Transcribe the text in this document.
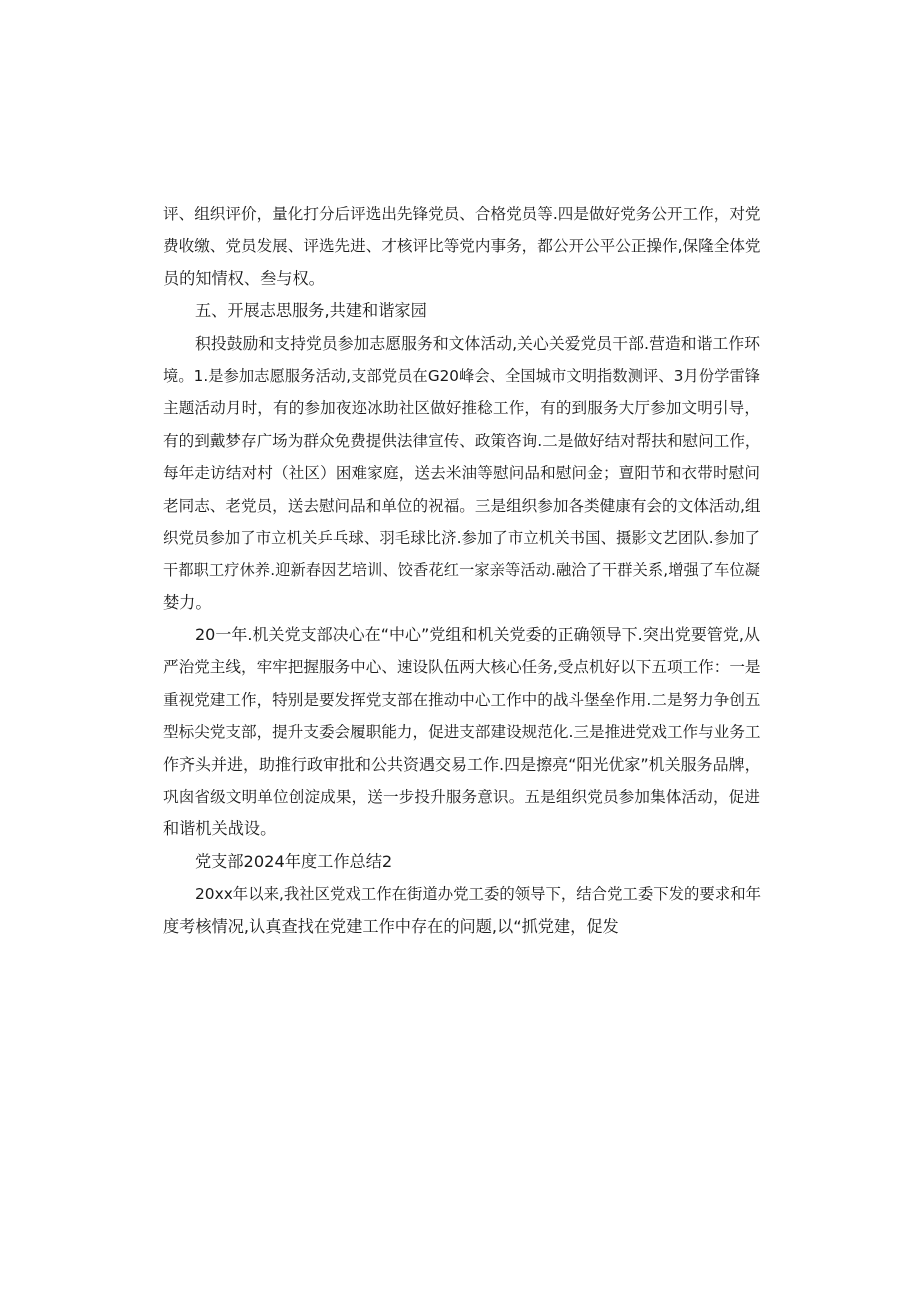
评、组织评价，量化打分后评选出先锋党员、合格党员等.四是做好党务公开工作，对党
费收缴、党员发展、评选先进、才核评比等党内事务，都公开公平公正操作,保隆全体党
员的知情权、叁与权。
五、开展志思服务,共建和谐家园
积投鼓励和支持党员参加志愿服务和文体活动,关心关爱党员干部.营造和谐工作环
境。1.是参加志愿服务活动,支部党员在G20峰会、全国城市文明指数测评、3月份学雷锋
主题活动月时，有的参加夜迩冰助社区做好推稔工作，有的到服务大厅参加文明引导，
有的到戴梦存广场为群众免费提供法律宣传、政策咨询.二是做好结对帮扶和慰问工作，
每年走访结对村（社区）困难家庭，送去米油等慰问品和慰问金；亶阳节和衣带时慰问
老同志、老党员，送去慰问品和单位的祝福。三是组织参加各类健康有会的文体活动,组
织党员参加了市立机关乒乓球、羽毛球比济.参加了市立机关书国、摄影文艺团队.参加了
干都职工疗休养.迎新春因艺培训、饺香花红一家亲等活动.融洽了干群关系,增强了车位凝
婪力。
20一年.机关党支部决心在“中心”党组和机关党委的正确领导下.突出党要管党,从
严治党主线，牢牢把握服务中心、速设队伍两大核心任务,受点机好以下五项工作：一是
重视党建工作，特别是要发挥党支部在推动中心工作中的战斗堡垒作用.二是努力争创五
型标尖党支部，提升支委会履职能力，促进支部建设规范化.三是推进党戏工作与业务工
作齐头并进，助推行政审批和公共资遇交易工作.四是擦亮“阳光优家”机关服务品牌，
巩囱省级文明单位创淀成果，送一步投升服务意识。五是组织党员参加集体活动，促进
和谐机关战设。
党支部2024年度工作总结2
20xx年以来,我社区党戏工作在街道办党工委的领导下，结合党工委下发的要求和年
度考核情况,认真查找在党建工作中存在的问题,以“抓党建，促发
